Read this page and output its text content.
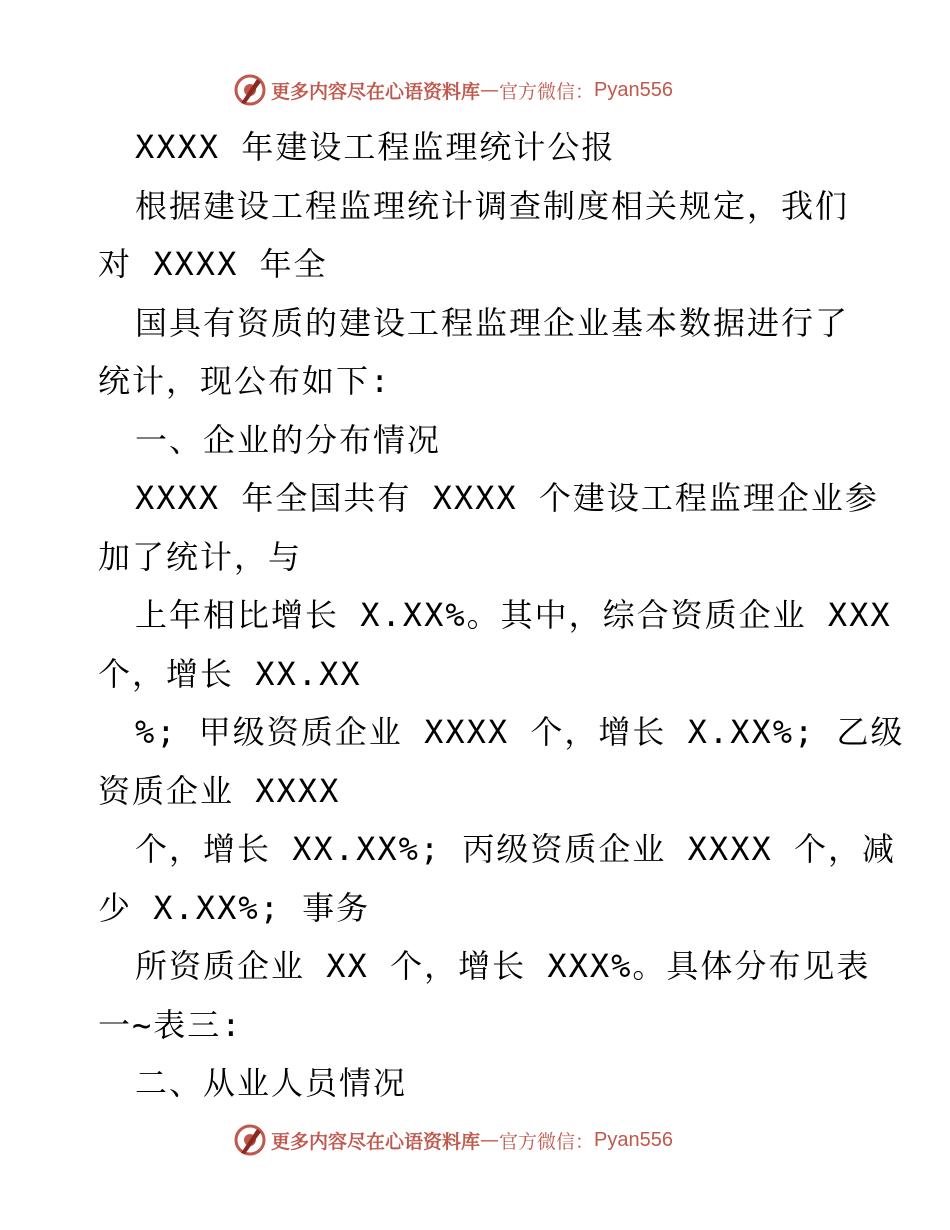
更多内容尽在心语资料库 — 官方微信： Pyan556
XXXX 年建设工程监理统计公报
根据建设工程监理统计调查制度相关规定，我们
对 XXXX 年全
国具有资质的建设工程监理企业基本数据进行了
统计，现公布如下:
一、企业的分布情况
XXXX 年全国共有 XXXX 个建设工程监理企业参
加了统计，与
上年相比增长 X.XX%。其中，综合资质企业 XXX
个，增长 XX.XX
%; 甲级资质企业 XXXX 个，增长 X.XX%; 乙级
资质企业 XXXX
个，增长 XX.XX%; 丙级资质企业 XXXX 个，减
少 X.XX%; 事务
所资质企业 XX 个，增长 XXX%。具体分布见表
一~表三:
二、从业人员情况
更多内容尽在心语资料库 — 官方微信： Pyan556
